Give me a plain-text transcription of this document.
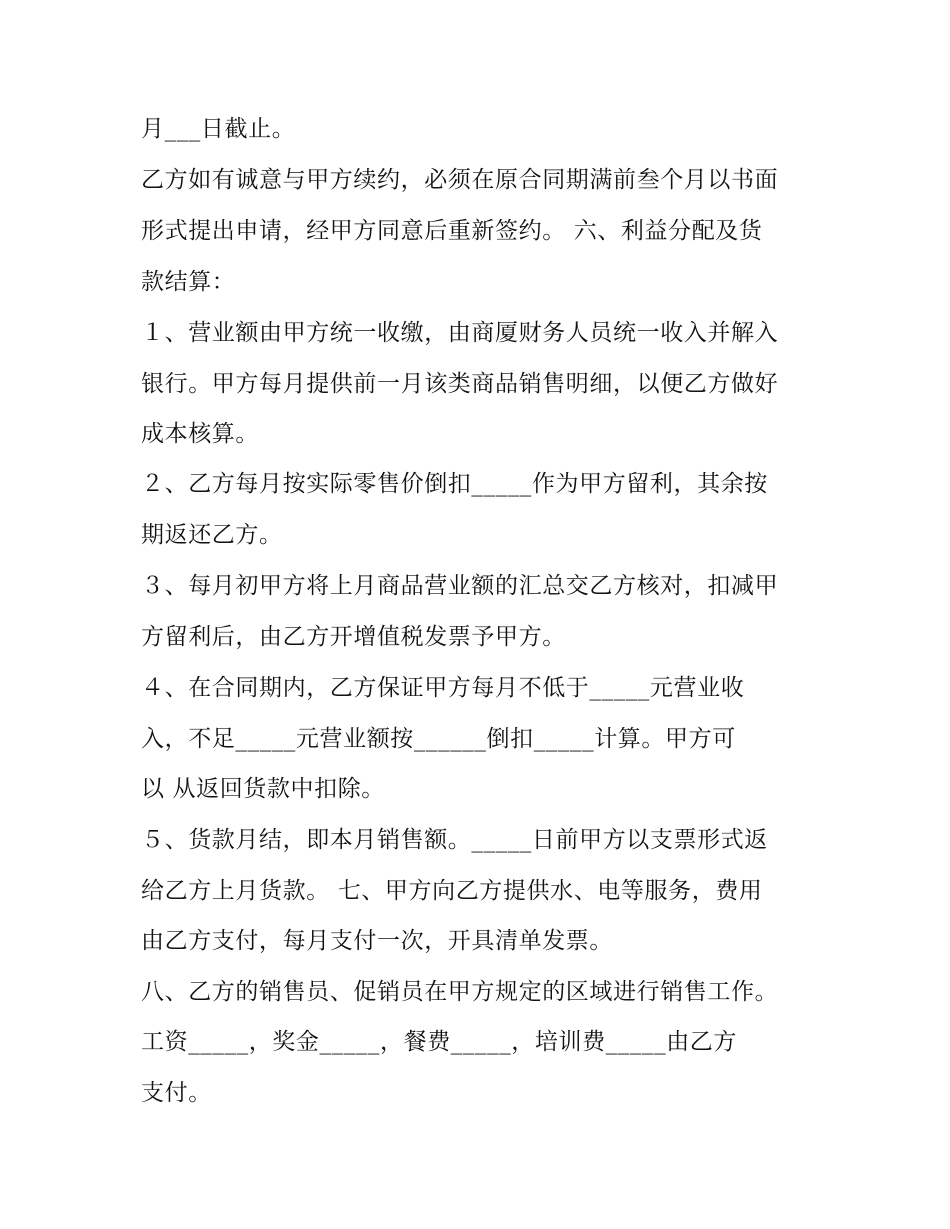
月___日截止。
乙方如有诚意与甲方续约，必须在原合同期满前叁个月以书面
形式提出申请，经甲方同意后重新签约。 六、利益分配及货
款结算：
１、营业额由甲方统一收缴，由商厦财务人员统一收入并解入
银行。甲方每月提供前一月该类商品销售明细，以便乙方做好
成本核算。
２、乙方每月按实际零售价倒扣_____作为甲方留利，其余按
期返还乙方。
３、每月初甲方将上月商品营业额的汇总交乙方核对，扣减甲
方留利后，由乙方开增值税发票予甲方。
４、在合同期内，乙方保证甲方每月不低于_____元营业收
入，不足_____元营业额按______倒扣_____计算。甲方可
以 从返回货款中扣除。
５、货款月结，即本月销售额。_____日前甲方以支票形式返
给乙方上月货款。 七、甲方向乙方提供水、电等服务，费用
由乙方支付，每月支付一次，开具清单发票。
八、乙方的销售员、促销员在甲方规定的区域进行销售工作。
工资_____，奖金_____，餐费_____，培训费_____由乙方
支付。
